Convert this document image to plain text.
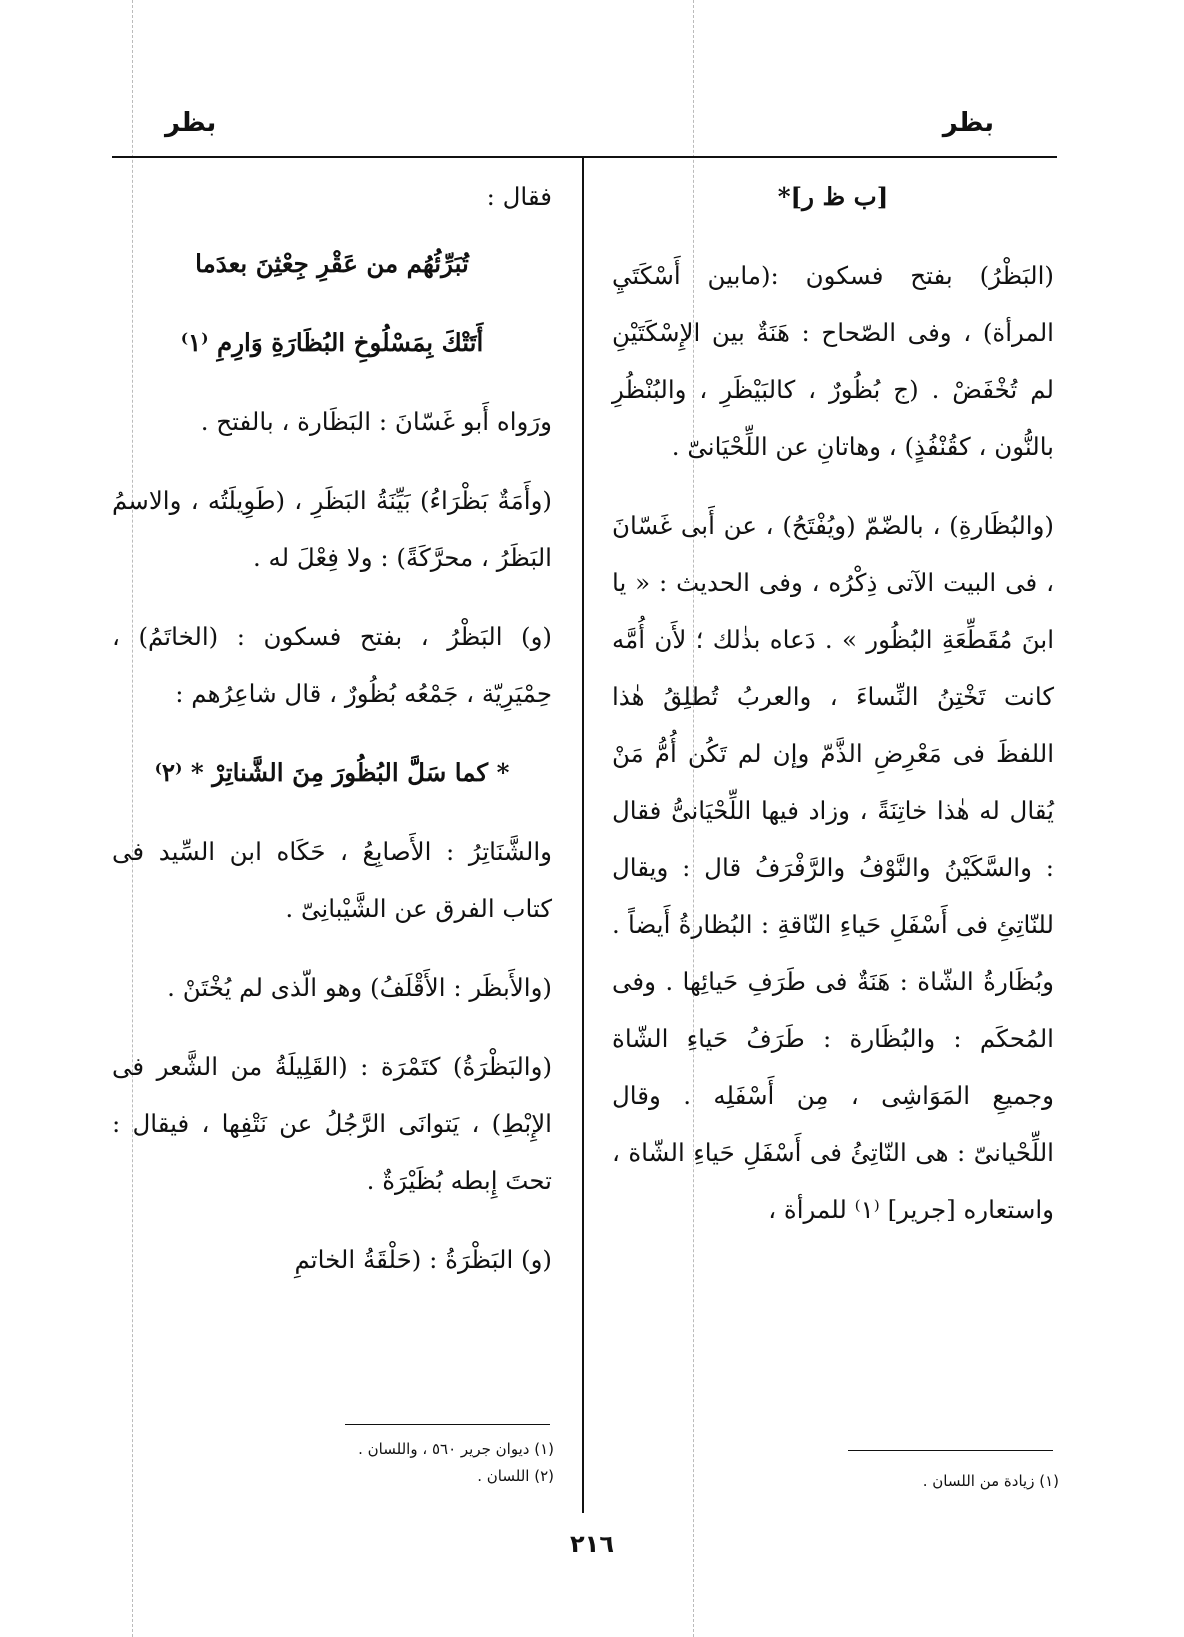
بظر
بظر

[ب ظ ر]*

(البَظْرُ) بفتح فسكون :(مابين أَسْكَتَيِ المرأة) ، وفى الصّحاح : هَنَةٌ بين الإِسْكَتَيْنِ لم تُخْفَضْ . (ج بُظُورٌ ، كالبَيْظَرِ ، والبُنْظُرِ بالنُّون ، كقُنْفُذٍ) ، وهاتانِ عن اللِّحْيَانىّ .

(والبُظَارةِ) ، بالضّمّ (ويُفْتَحُ) ، عن أَبى غَسّانَ ، فى البيت الآتى ذِكْرُه ، وفى الحديث : « يا ابنَ مُقَطِّعَةِ البُظُور » . دَعاه بذٰلك ؛ لأَن أُمَّه كانت تَخْتِنُ النِّساءَ ، والعربُ تُطلِقُ هٰذا اللفظَ فى مَعْرِضِ الذَّمّ وإن لم تَكُن أُمُّ مَنْ يُقال له هٰذا خاتِنَةً ، وزاد فيها اللِّحْيَانىُّ فقال : والسَّكَيْنُ والنَّوْفُ والرَّفْرَفُ قال : ويقال للنّاتِئِ فى أَسْفَلِ حَياءِ النّاقةِ : البُظارةُ أَيضاً . وبُظَارةُ الشّاة : هَنَةٌ فى طَرَفِ حَيائِها . وفى المُحكَم : والبُظَارة : طَرَفُ حَياءِ الشّاة وجميعِ المَوَاشِى ، مِن أَسْفَلِه . وقال اللِّحْيانىّ : هى النّاتِئُ فى أَسْفَلِ حَياءِ الشّاة ، واستعاره [جرير] ⁽١⁾ للمرأة ،

فقال :

تُبَرِّئُهُم من عَقْرِ جِعْثِنَ بعدَما

أَتَتْكَ بِمَسْلُوخِ البُظَارَةِ وَارِمِ ⁽١⁾

ورَواه أَبو غَسّانَ : البَظَارة ، بالفتح .

(وأَمَةٌ بَظْرَاءُ) بَيِّنَةُ البَظَرِ ، (طَوِيلَتُه ، والاسمُ البَظَرُ ، محرَّكَةً) : ولا فِعْلَ له .

(و) البَظْرُ ، بفتح فسكون : (الخاتَمُ) ، حِمْيَرِيّة ، جَمْعُه بُظُورٌ ، قال شاعِرُهم :

* كما سَلَّ البُظُورَ مِنَ الشَّناتِرْ * ⁽٢⁾

والشَّنَاتِرُ : الأَصابِعُ ، حَكَاه ابن السِّيد فى كتاب الفرق عن الشَّيْبانِىّ .

(والأَبظَر : الأَقْلَفُ) وهو الّذى لم يُخْتَنْ .

(والبَظْرَةُ) كتَمْرَة : (القَلِيلَةُ من الشَّعر فى الإِبْطِ) ، يَتوانَى الرَّجُلُ عن نَتْفِها ، فيقال : تحتَ إِبطه بُظَيْرَةٌ .

(و) البَظْرَةُ : (حَلْقَةُ الخاتمِ

(١) زيادة من اللسان .
(١) ديوان جرير ٥٦٠ ، واللسان .
(٢) اللسان .
٢١٦
